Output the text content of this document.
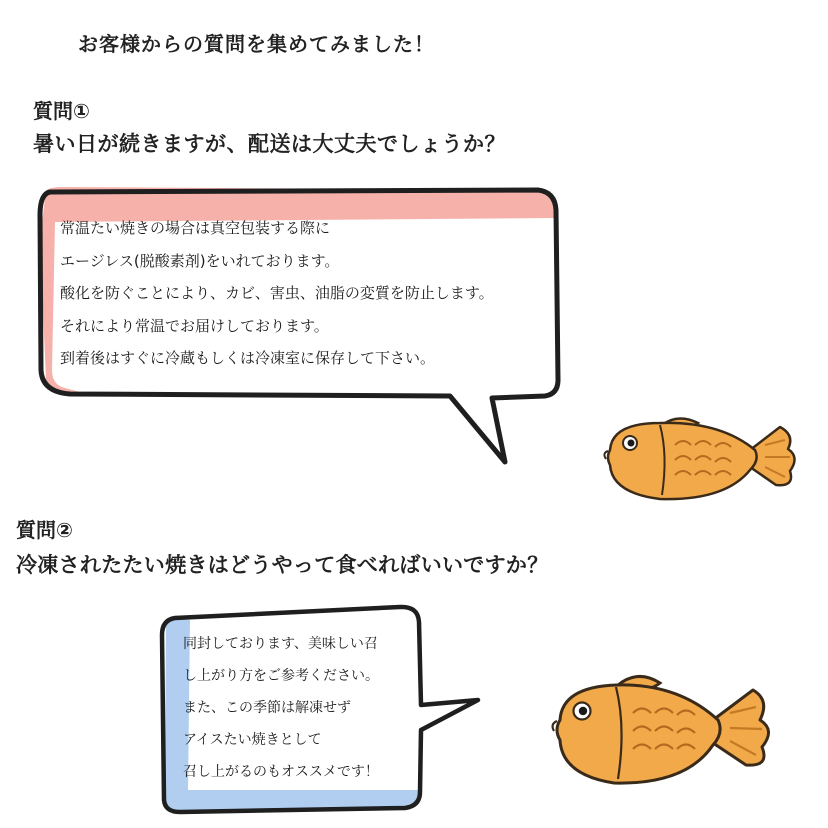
お客様からの質問を集めてみました！
質問①
暑い日が続きますが、配送は大丈夫でしょうか？
質問②
冷凍されたたい焼きはどうやって食べればいいですか？
常温たい焼きの場合は真空包装する際に
エージレス(脱酸素剤)をいれております。
酸化を防ぐことにより、カビ、害虫、油脂の変質を防止します。
それにより常温でお届けしております。
到着後はすぐに冷蔵もしくは冷凍室に保存して下さい。
同封しております、美味しい召
し上がり方をご参考ください。
また、この季節は解凍せず
アイスたい焼きとして
召し上がるのもオススメです！
